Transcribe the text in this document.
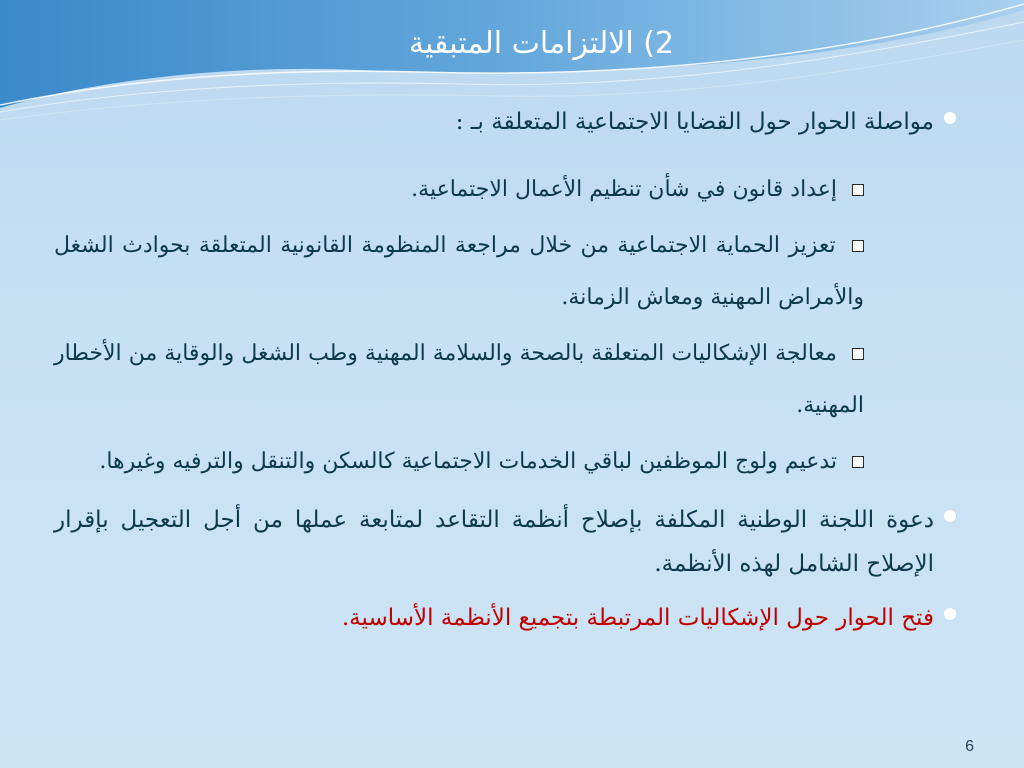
2) الالتزامات المتبقية
مواصلة الحوار حول القضايا الاجتماعية المتعلقة بـ :
إعداد قانون في شأن تنظيم الأعمال الاجتماعية.
تعزيز الحماية الاجتماعية من خلال مراجعة المنظومة القانونية المتعلقة بحوادث الشغل والأمراض المهنية ومعاش الزمانة.
معالجة الإشكاليات المتعلقة بالصحة والسلامة المهنية وطب الشغل والوقاية من الأخطار المهنية.
تدعيم ولوج الموظفين لباقي الخدمات الاجتماعية كالسكن والتنقل والترفيه وغيرها.
دعوة اللجنة الوطنية المكلفة بإصلاح أنظمة التقاعد لمتابعة عملها من أجل التعجيل بإقرار الإصلاح الشامل لهذه الأنظمة.
فتح الحوار حول الإشكاليات المرتبطة بتجميع الأنظمة الأساسية.
6
